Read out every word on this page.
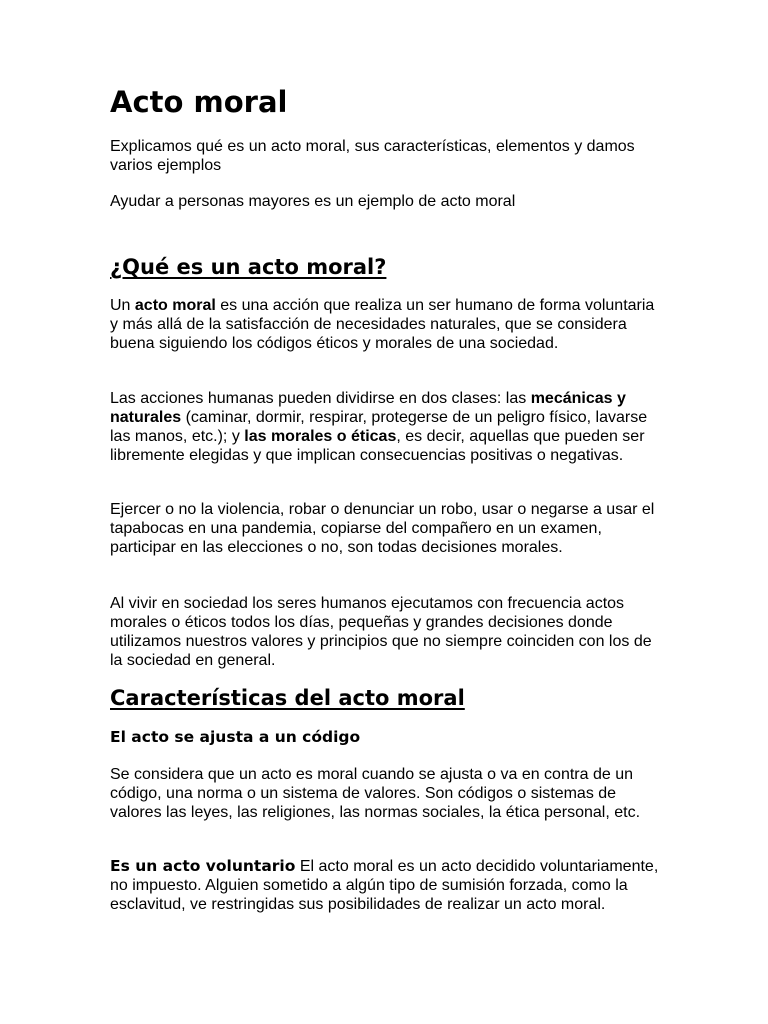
Acto moral

Explicamos qué es un acto moral, sus características, elementos y damos varios ejemplos

Ayudar a personas mayores es un ejemplo de acto moral

¿Qué es un acto moral?

Un acto moral es una acción que realiza un ser humano de forma voluntaria y más allá de la satisfacción de necesidades naturales, que se considera buena siguiendo los códigos éticos y morales de una sociedad.

Las acciones humanas pueden dividirse en dos clases: las mecánicas y naturales (caminar, dormir, respirar, protegerse de un peligro físico, lavarse las manos, etc.); y las morales o éticas, es decir, aquellas que pueden ser libremente elegidas y que implican consecuencias positivas o negativas.

Ejercer o no la violencia, robar o denunciar un robo, usar o negarse a usar el tapabocas en una pandemia, copiarse del compañero en un examen, participar en las elecciones o no, son todas decisiones morales.

Al vivir en sociedad los seres humanos ejecutamos con frecuencia actos morales o éticos todos los días, pequeñas y grandes decisiones donde utilizamos nuestros valores y principios que no siempre coinciden con los de la sociedad en general.

Características del acto moral
El acto se ajusta a un código

Se considera que un acto es moral cuando se ajusta o va en contra de un código, una norma o un sistema de valores. Son códigos o sistemas de valores las leyes, las religiones, las normas sociales, la ética personal, etc.

Es un acto voluntario El acto moral es un acto decidido voluntariamente, no impuesto. Alguien sometido a algún tipo de sumisión forzada, como la esclavitud, ve restringidas sus posibilidades de realizar un acto moral.
